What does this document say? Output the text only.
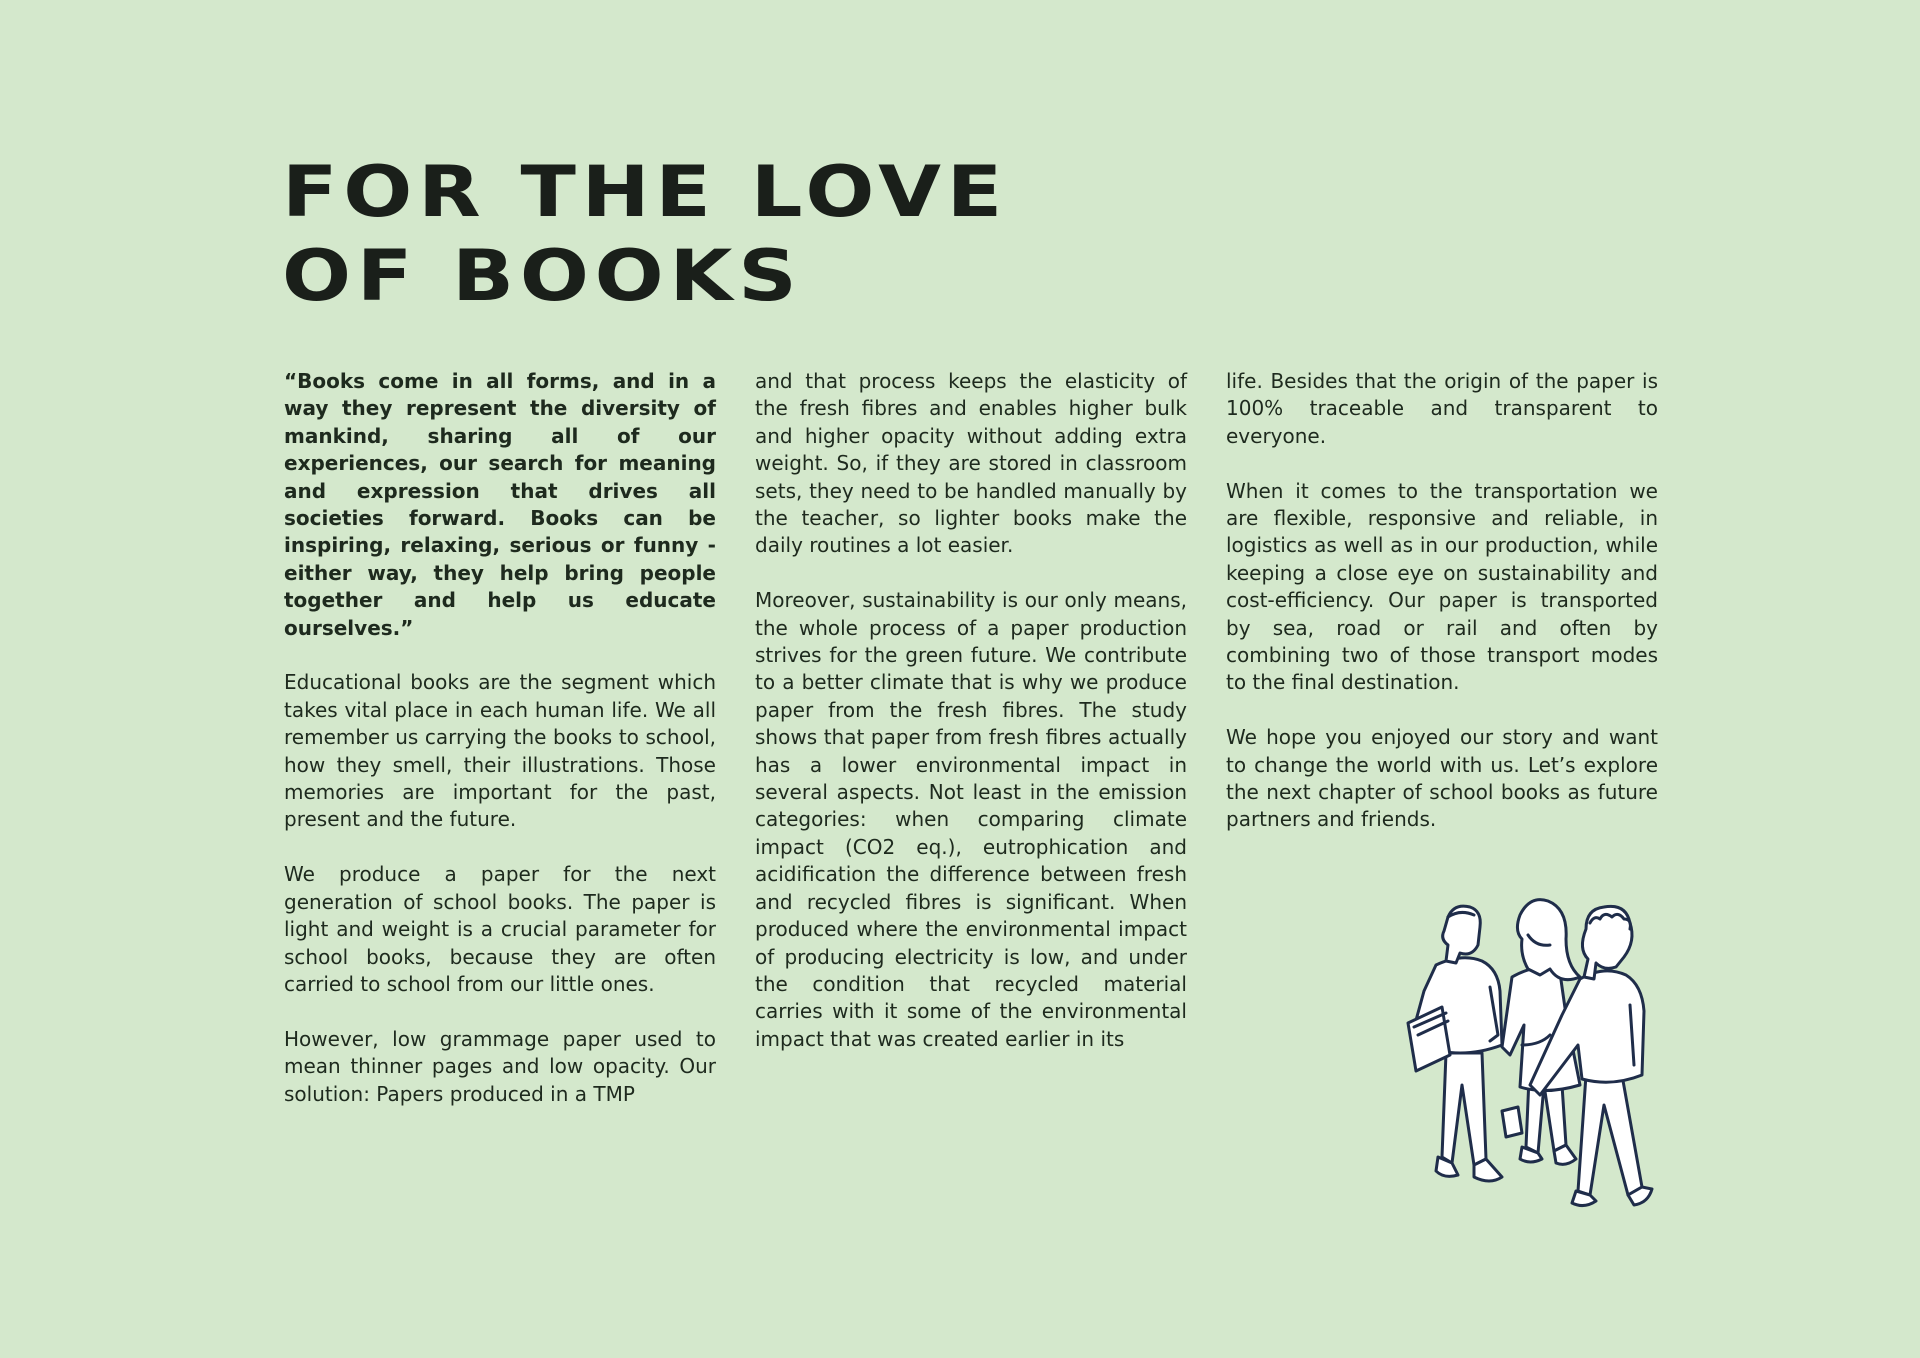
FOR THE LOVE
OF BOOKS

“Books come in all forms, and in a way they represent the diversity of mankind, sharing all of our experiences, our search for meaning and expression that drives all societies forward. Books can be inspiring, relaxing, serious or funny - either way, they help bring people together and help us educate ourselves.”

Educational books are the segment which takes vital place in each human life. We all remember us carrying the books to school, how they smell, their illustrations. Those memories are important for the past, present and the future.

We produce a paper for the next generation of school books. The paper is light and weight is a crucial parameter for school books, because they are often carried to school from our little ones.

However, low grammage paper used to mean thinner pages and low opacity. Our solution: Papers produced in a TMP

and that process keeps the elasticity of the fresh fibres and enables higher bulk and higher opacity without adding extra weight. So, if they are stored in classroom sets, they need to be handled manually by the teacher, so lighter books make the daily routines a lot easier.

Moreover, sustainability is our only means, the whole process of a paper production strives for the green future. We contribute to a better climate that is why we produce paper from the fresh fibres. The study shows that paper from fresh fibres actually has a lower environmental impact in several aspects. Not least in the emission categories: when comparing climate impact (CO2 eq.), eutrophication and acidification the difference between fresh and recycled fibres is significant. When produced where the environmental impact of producing electricity is low, and under the condition that recycled material carries with it some of the environmental impact that was created earlier in its

life. Besides that the origin of the paper is 100% traceable and transparent to everyone.

When it comes to the transportation we are flexible, responsive and reliable, in logistics as well as in our production, while keeping a close eye on sustainability and cost-efficiency. Our paper is transported by sea, road or rail and often by combining two of those transport modes to the final destination.

We hope you enjoyed our story and want to change the world with us. Let’s explore the next chapter of school books as future partners and friends.
